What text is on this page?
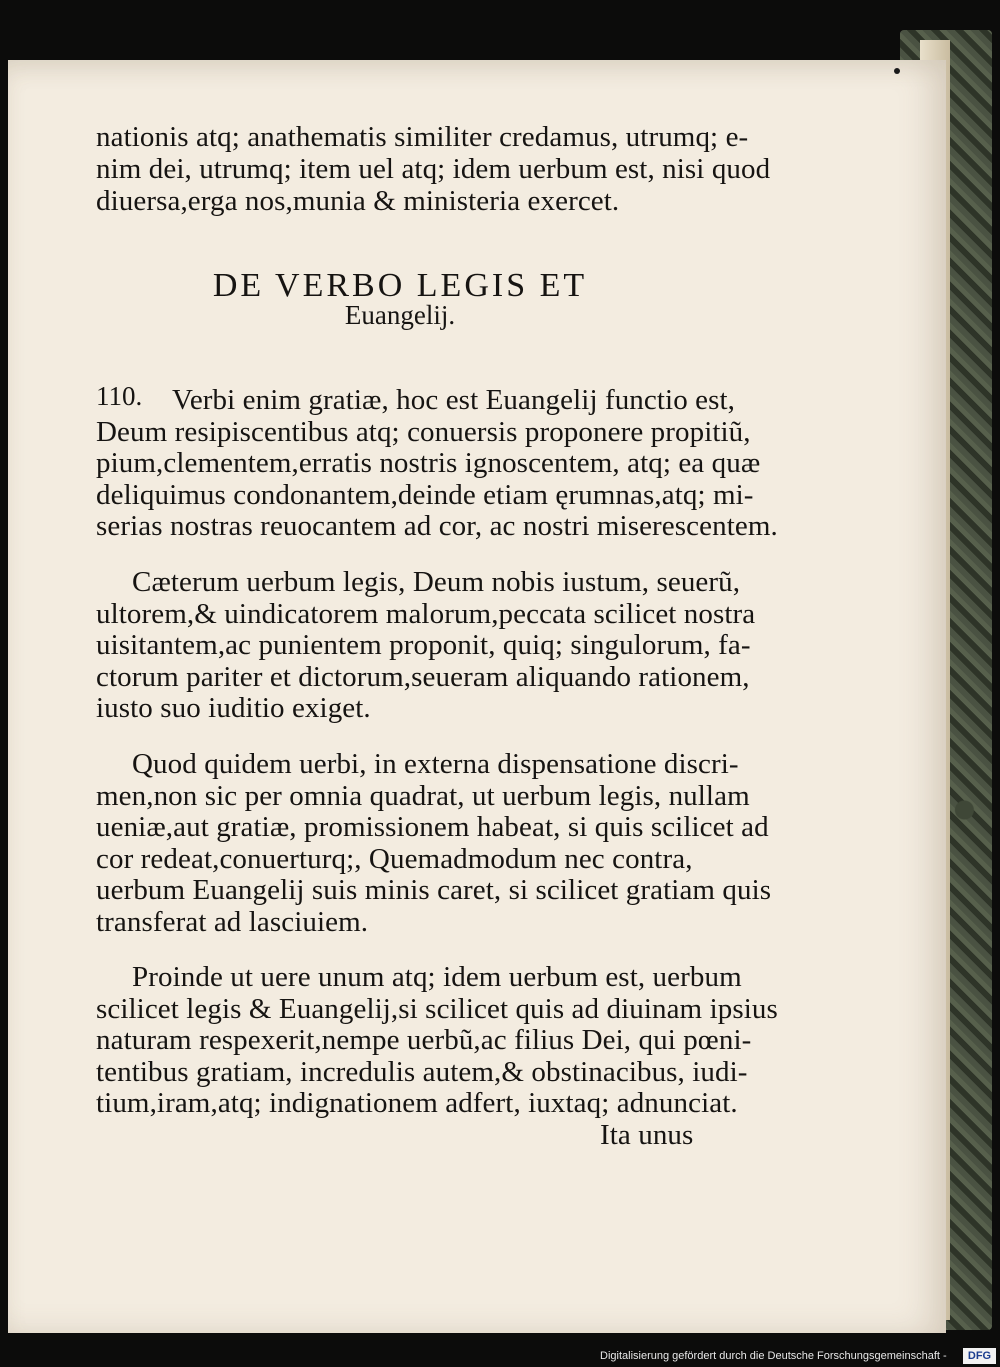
nationis atq; anathematis similiter credamus, utrumq; e-

nim dei, utrumq; item uel atq; idem uerbum est, nisi quod

diuersa,erga nos,munia & ministeria exercet.

DE VERBO LEGIS ET

Euangelij.

110.	Verbi enim gratiæ, hoc est Euangelij functio est,

Deum resipiscentibus atq; conuersis proponere propitiũ,

pium,clementem,erratis nostris ignoscentem, atq; ea quæ

deliquimus condonantem,deinde etiam ęrumnas,atq; mi-

serias nostras reuocantem ad cor, ac nostri miserescentem.

Cæterum uerbum legis, Deum nobis iustum, seuerũ,

ultorem,& uindicatorem malorum,peccata scilicet nostra

uisitantem,ac punientem proponit, quiq; singulorum, fa-

ctorum pariter et dictorum,seueram aliquando rationem,

iusto suo iuditio exiget.

Quod quidem uerbi, in externa dispensatione discri-

men,non sic per omnia quadrat, ut uerbum legis, nullam

ueniæ,aut gratiæ, promissionem habeat, si quis scilicet ad

cor redeat,conuerturq;, Quemadmodum nec contra,

uerbum Euangelij suis minis caret, si scilicet gratiam quis

transferat ad lasciuiem.

Proinde ut uere unum atq; idem uerbum est, uerbum

scilicet legis & Euangelij,si scilicet quis ad diuinam ipsius

naturam respexerit,nempe uerbũ,ac filius Dei, qui pœni-

tentibus gratiam, incredulis autem,& obstinacibus, iudi-

tium,iram,atq; indignationem adfert, iuxtaq; adnunciat.

Ita unus

Digitalisierung gefördert durch die Deutsche Forschungsgemeinschaft -	DFG
